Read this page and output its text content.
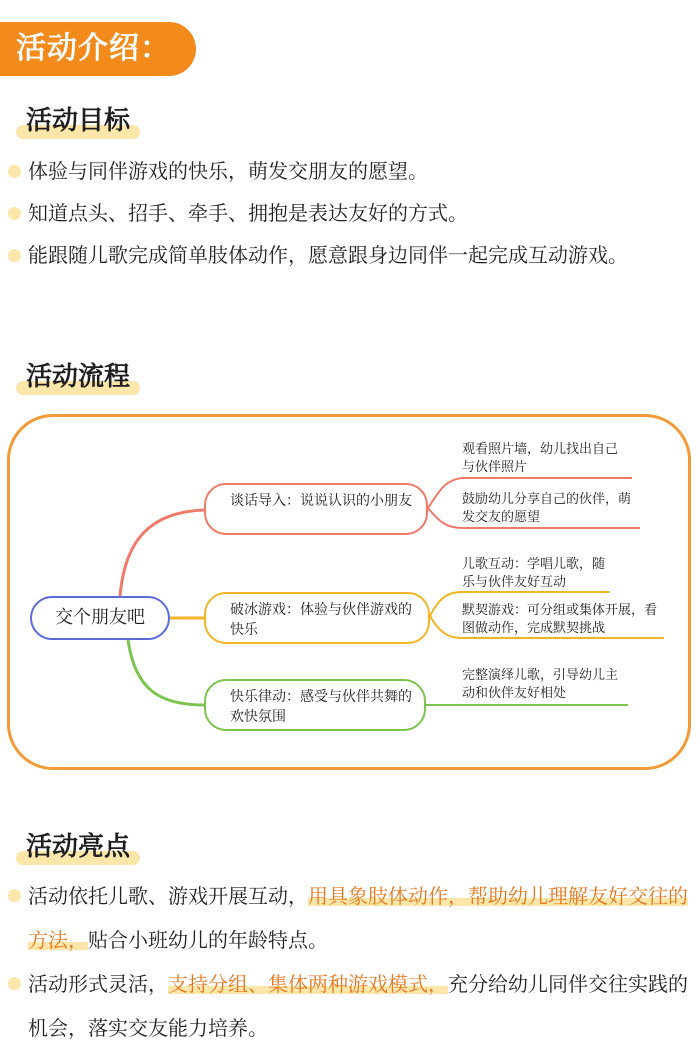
活动介绍：
活动目标
体验与同伴游戏的快乐，萌发交朋友的愿望。
知道点头、招手、牵手、拥抱是表达友好的方式。
能跟随儿歌完成简单肢体动作，愿意跟身边同伴一起完成互动游戏。
活动流程
交个朋友吧
谈话导入：说说认识的小朋友
破冰游戏：体验与伙伴游戏的快乐
快乐律动：感受与伙伴共舞的欢快氛围
观看照片墙，幼儿找出自己与伙伴照片
鼓励幼儿分享自己的伙伴，萌发交友的愿望
儿歌互动：学唱儿歌，随乐与伙伴友好互动
默契游戏：可分组或集体开展，看图做动作，完成默契挑战
完整演绎儿歌，引导幼儿主动和伙伴友好相处
活动亮点
活动依托儿歌、游戏开展互动，用具象肢体动作，帮助幼儿理解友好交往的方法，贴合小班幼儿的年龄特点。
活动形式灵活，支持分组、集体两种游戏模式，充分给幼儿同伴交往实践的机会，落实交友能力培养。
